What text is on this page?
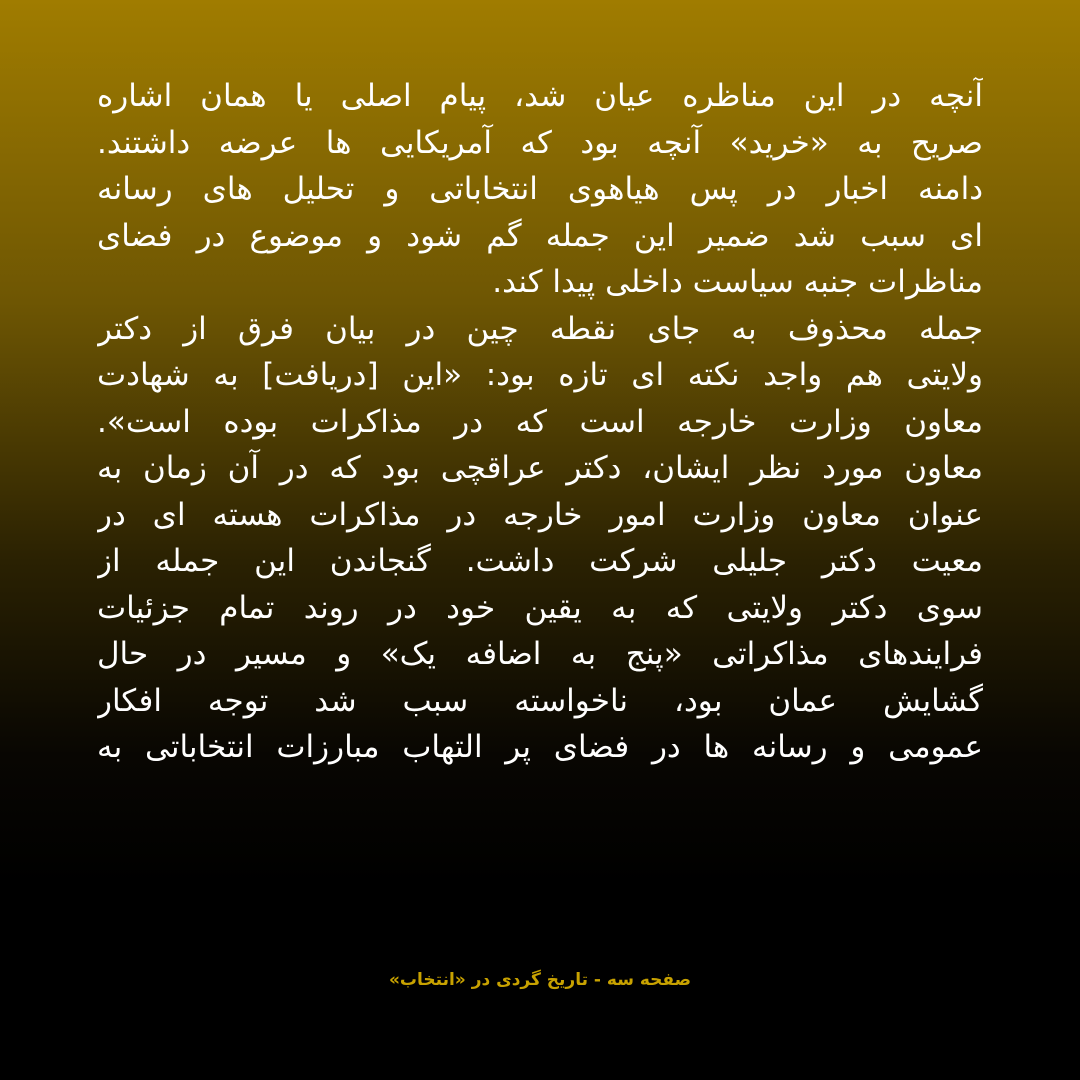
آنچه در این مناظره عیان شد، پیام اصلی یا همان اشاره
صریح به «خرید» آنچه بود که آمریکایی ها عرضه داشتند.
دامنه اخبار در پس هیاهوی انتخاباتی و تحلیل های رسانه
ای سبب شد ضمیر این جمله گم شود و موضوع در فضای
مناظرات جنبه سیاست داخلی پیدا کند.
جمله محذوف به جای نقطه چین در بیان فرق از دکتر
ولایتی هم واجد نکته ای تازه بود: «این [دریافت] به شهادت
معاون وزارت خارجه است که در مذاکرات بوده است».
معاون مورد نظر ایشان، دکتر عراقچی بود که در آن زمان به
عنوان معاون وزارت امور خارجه در مذاکرات هسته ای در
معیت دکتر جلیلی شرکت داشت. گنجاندن این جمله از
سوی دکتر ولایتی که به یقین خود در روند تمام جزئیات
فرایندهای مذاکراتی «پنج به اضافه یک» و مسیر در حال
گشایش عمان بود، ناخواسته سبب شد توجه افکار
عمومی و رسانه ها در فضای پر التهاب مبارزات انتخاباتی به
صفحه سه - تاریخ گردی در «انتخاب»
